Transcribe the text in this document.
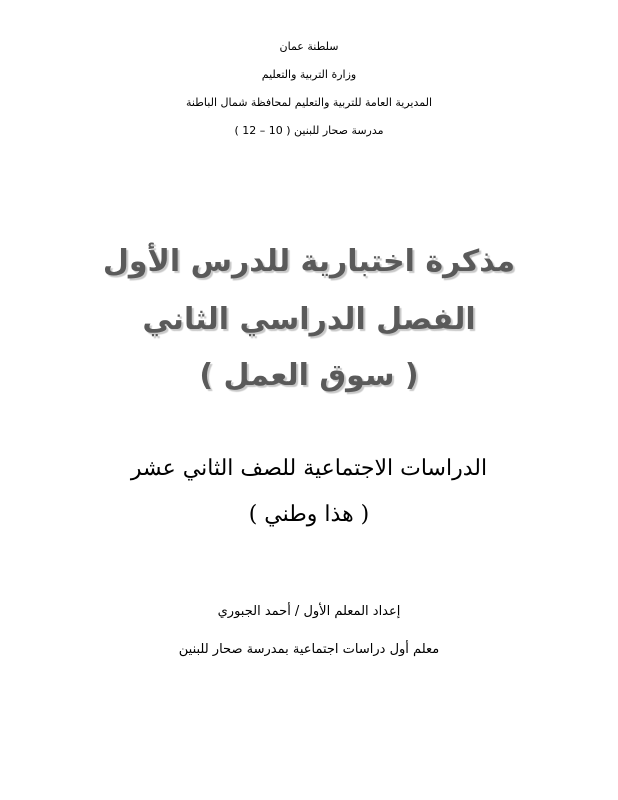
سلطنة عمان
وزارة التربية والتعليم
المديرية العامة للتربية والتعليم لمحافظة شمال الباطنة
مدرسة صحار للبنين ( 10 – 12 )
مذكرة اختبارية للدرس الأول
الفصل الدراسي الثاني
( سوق العمل )
الدراسات الاجتماعية للصف الثاني عشر
( هذا وطني )
إعداد المعلم الأول / أحمد الجبوري
معلم أول دراسات اجتماعية بمدرسة صحار للبنين
